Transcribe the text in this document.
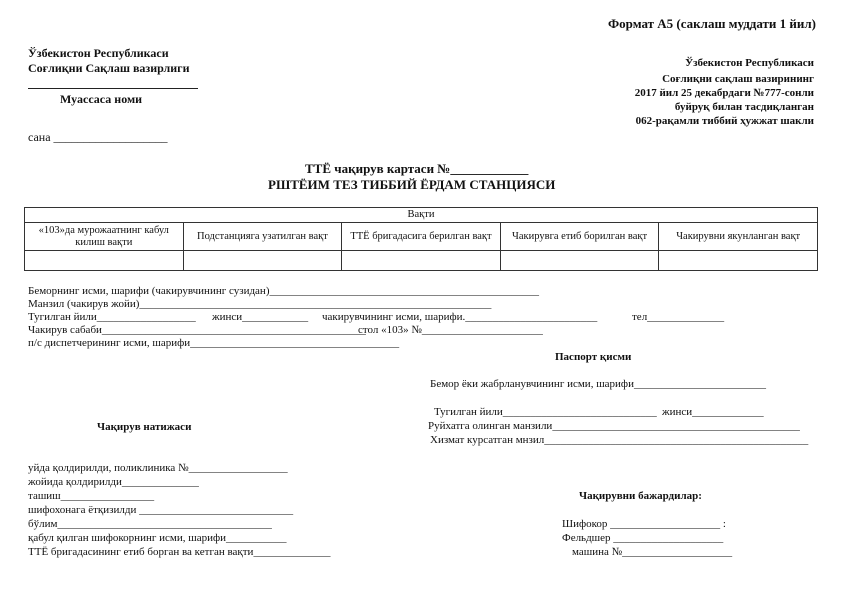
Формат А5 (саклаш муддати 1 йил)
Ўзбекистон Республикаси
Соғлиқни Сақлаш вазирлиги
Муассаса номи
Ўзбекистон Республикаси
Соғлиқни сақлаш вазирининг
2017 йил 25 декабрдаги №777-сонли
буйруқ билан тасдиқланган
062-рақамли тиббий ҳужжат шакли
сана ___________________
ТТЁ чақирув картаси №____________
РШТЁИМ ТЕЗ ТИББИЙ ЁРДАМ СТАНЦИЯСИ
Вақти				
«103»да мурожаатнинг кабул килиш вақти	Подстанцияга узатилган вақт	ТТЁ бригадасига берилган вақт	Чакирувга етиб борилган вақт	Чакирувни якунланган вақт

Беморнинг исми, шарифи (чакирувчининг сузидан)_________________________________________________
Манзил (чакирув жойи)________________________________________________________________
Тугилган йили__________________ жинси____________ чакирувчининг исми, шарифи.________________________	тел______________
Чакирув сабаби________________________________________________
стол «103» №______________________
п/с диспетчерининг исми, шарифи______________________________________
Паспорт қисми
Бемор ёки жабрланувчининг исми, шарифи________________________
Тугилган йили____________________________ жинси_____________
Руйхатга олинган манзили_____________________________________________
Хизмат курсатган мнзил________________________________________________
Чақирув натижаси
уйда қолдирилди, поликлиника №__________________
жойида қолдирилди______________
ташиш_________________
шифохонага ётқизилди ____________________________
бўлим_______________________________________
қабул қилган шифокорнинг исми, шарифи___________
ТТЁ бригадасининг етиб борган ва кетган вақти______________
Чақирувни бажардилар:
Шифокор ____________________ :
Фельдшер ____________________
машина №____________________
